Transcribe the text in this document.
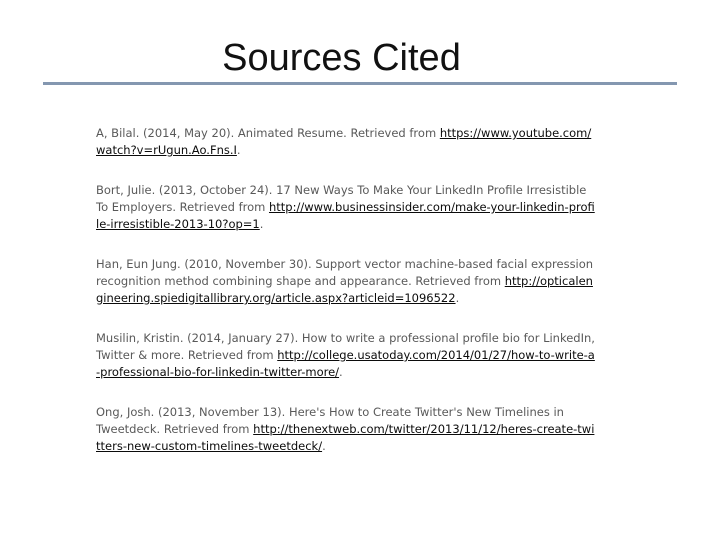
Sources Cited
A, Bilal. (2014, May 20). Animated Resume. Retrieved from https://www.youtube.com/watch?v=rUgun.Ao.Fns.I.
Bort, Julie. (2013, October 24). 17 New Ways To Make Your LinkedIn Profile Irresistible To Employers. Retrieved from http://www.businessinsider.com/make-your-linkedin-profile-irresistible-2013-10?op=1.
Han, Eun Jung. (2010, November 30). Support vector machine-based facial expression recognition method combining shape and appearance. Retrieved from http://opticalengineering.spiedigitallibrary.org/article.aspx?articleid=1096522.
Musilin, Kristin. (2014, January 27). How to write a professional profile bio for LinkedIn, Twitter & more. Retrieved from http://college.usatoday.com/2014/01/27/how-to-write-a-professional-bio-for-linkedin-twitter-more/.
Ong, Josh. (2013, November 13). Here's How to Create Twitter's New Timelines in Tweetdeck. Retrieved from http://thenextweb.com/twitter/2013/11/12/heres-create-twitters-new-custom-timelines-tweetdeck/.
